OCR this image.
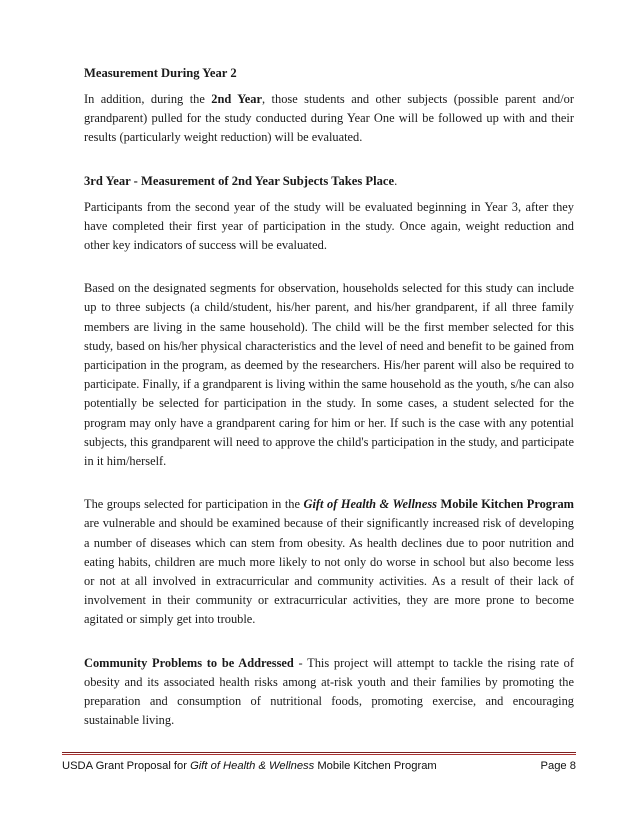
Measurement During Year 2

In addition, during the 2nd Year, those students and other subjects (possible parent and/or grandparent) pulled for the study conducted during Year One will be followed up with and their results (particularly weight reduction) will be evaluated.

3rd Year - Measurement of 2nd Year Subjects Takes Place.

Participants from the second year of the study will be evaluated beginning in Year 3, after they have completed their first year of participation in the study. Once again, weight reduction and other key indicators of success will be evaluated.

Based on the designated segments for observation, households selected for this study can include up to three subjects (a child/student, his/her parent, and his/her grandparent, if all three family members are living in the same household). The child will be the first member selected for this study, based on his/her physical characteristics and the level of need and benefit to be gained from participation in the program, as deemed by the researchers. His/her parent will also be required to participate. Finally, if a grandparent is living within the same household as the youth, s/he can also potentially be selected for participation in the study. In some cases, a student selected for the program may only have a grandparent caring for him or her. If such is the case with any potential subjects, this grandparent will need to approve the child's participation in the study, and participate in it him/herself.

The groups selected for participation in the Gift of Health & Wellness Mobile Kitchen Program are vulnerable and should be examined because of their significantly increased risk of developing a number of diseases which can stem from obesity. As health declines due to poor nutrition and eating habits, children are much more likely to not only do worse in school but also become less or not at all involved in extracurricular and community activities. As a result of their lack of involvement in their community or extracurricular activities, they are more prone to become agitated or simply get into trouble.

Community Problems to be Addressed - This project will attempt to tackle the rising rate of obesity and its associated health risks among at-risk youth and their families by promoting the preparation and consumption of nutritional foods, promoting exercise, and encouraging sustainable living.

USDA Grant Proposal for Gift of Health & Wellness Mobile Kitchen Program	Page 8
